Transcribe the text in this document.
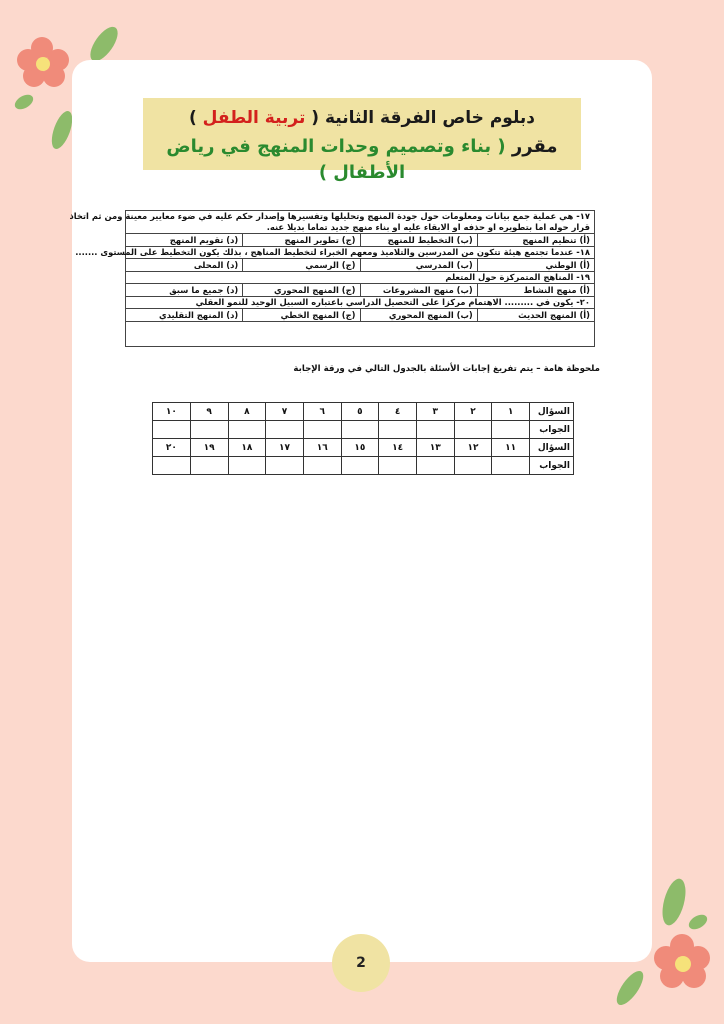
دبلوم خاص الفرقة الثانية ( تربية الطفل )
مقرر ( بناء وتصميم وحدات المنهج في رياض الأطفال )
١٧- هي عملية جمع بيانات ومعلومات حول جودة المنهج وتحليلها وتفسيرها وإصدار حكم عليه في ضوء معايير معينة ومن ثم اتخاذ
قرار حوله اما بتطويره او حذفه او الابقاء عليه او بناء منهج جديد تماما بديلا عنه.
(أ) تنظيم المنهج
(ب) التخطيط للمنهج
(ج) تطوير المنهج
(د) تقويم المنهج
١٨- عندما تجتمع هيئة تتكون من المدرسين والتلاميذ ومعهم الخبراء لتخطيط المناهج ، بذلك يكون التخطيط على المستوى .......
(أ) الوطني
(ب) المدرسي
(ج) الرسمي
(د) المحلى
١٩- المناهج المتمركزة حول المتعلم
(أ) منهج النشاط
(ب) منهج المشروعات
(ج) المنهج المحوري
(د) جميع ما سبق
٢٠- يكون في ......... الاهتمام مركزا على التحصيل الدراسي باعتباره السبيل الوحيد للنمو العقلي
(أ) المنهج الحديث
(ب) المنهج المحوري
(ج) المنهج الخطي
(د) المنهج التقليدي
ملحوظة هامة – يتم تفريغ إجابات الأسئلة بالجدول التالي في ورقة الإجابة
السؤال	١	٢	٣	٤	٥	٦	٧	٨	٩	١٠
الجواب										
السؤال	١١	١٢	١٣	١٤	١٥	١٦	١٧	١٨	١٩	٢٠
الجواب										
2
